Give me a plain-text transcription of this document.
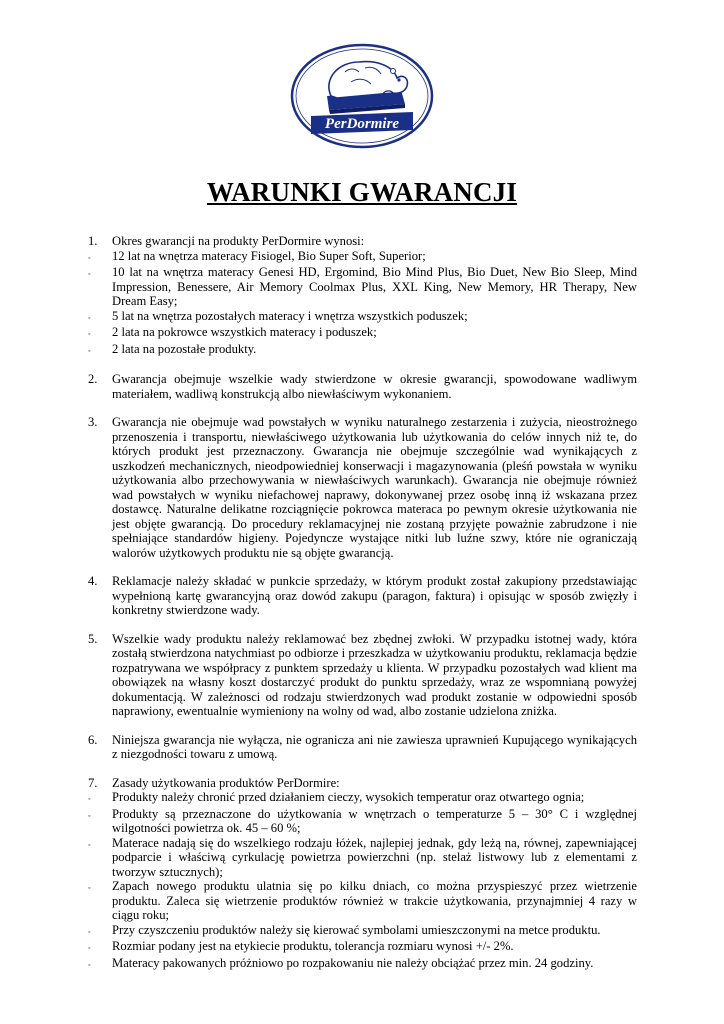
PerDormire
WARUNKI GWARANCJI
1.	Okres gwarancji na produkty PerDormire wynosi:
◦	12 lat na wnętrza materacy Fisiogel, Bio Super Soft, Superior;
◦	10 lat na wnętrza materacy Genesi HD, Ergomind, Bio Mind Plus, Bio Duet, New Bio Sleep, Mind Impression, Benessere, Air Memory Coolmax Plus, XXL King, New Memory, HR Therapy, New Dream Easy;
◦	5 lat na wnętrza pozostałych materacy i wnętrza wszystkich poduszek;
◦	2 lata na pokrowce wszystkich materacy i poduszek;
◦	2 lata na pozostałe produkty.
2.	Gwarancja obejmuje wszelkie wady stwierdzone w okresie gwarancji, spowodowane wadliwym materiałem, wadliwą konstrukcją albo niewłaściwym wykonaniem.
3.	Gwarancja nie obejmuje wad powstałych w wyniku naturalnego zestarzenia i zużycia, nieostrożnego przenoszenia i transportu, niewłaściwego użytkowania lub użytkowania do celów innych niż te, do których produkt jest przeznaczony. Gwarancja nie obejmuje szczególnie wad wynikających z uszkodzeń mechanicznych, nieodpowiedniej konserwacji i magazynowania (pleśń powstała w wyniku użytkowania albo przechowywania w niewłaściwych warunkach). Gwarancja nie obejmuje również wad powstałych w wyniku niefachowej naprawy, dokonywanej przez osobę inną iż wskazana przez dostawcę. Naturalne delikatne rozciągnięcie pokrowca materaca po pewnym okresie użytkowania nie jest objęte gwarancją. Do procedury reklamacyjnej nie zostaną przyjęte poważnie zabrudzone i nie spełniające standardów higieny. Pojedyncze wystające nitki lub luźne szwy, które nie ograniczają walorów użytkowych produktu nie są objęte gwarancją.
4.	Reklamacje należy składać w punkcie sprzedaży, w którym produkt został zakupiony przedstawiając wypełnioną kartę gwarancyjną oraz dowód zakupu (paragon, faktura) i opisując w sposób zwięzły i konkretny stwierdzone wady.
5.	Wszelkie wady produktu należy reklamować bez zbędnej zwłoki. W przypadku istotnej wady, która zostałą stwierdzona natychmiast po odbiorze i przeszkadza w użytkowaniu produktu, reklamacja będzie rozpatrywana we współpracy z punktem sprzedaży u klienta. W przypadku pozostałych wad klient ma obowiązek na własny koszt dostarczyć produkt do punktu sprzedaży, wraz ze wspomnianą powyżej dokumentacją. W zależnosci od rodzaju stwierdzonych wad produkt zostanie w odpowiedni sposób naprawiony, ewentualnie wymieniony na wolny od wad, albo zostanie udzielona zniżka.
6.	Niniejsza gwarancja nie wyłącza, nie ogranicza ani nie zawiesza uprawnień Kupującego wynikających z niezgodności towaru z umową.
7.	Zasady użytkowania produktów PerDormire:
◦	Produkty należy chronić przed działaniem cieczy, wysokich temperatur oraz otwartego ognia;
◦	Produkty są przeznaczone do użytkowania w wnętrzach o temperaturze 5 – 30° C i względnej wilgotności powietrza ok. 45 – 60 %;
◦	Materace nadają się do wszelkiego rodzaju łóżek, najlepiej jednak, gdy leżą na, równej, zapewniającej podparcie i właściwą cyrkulację powietrza powierzchni (np. stelaż listwowy lub z elementami z tworzyw sztucznych);
◦	Zapach nowego produktu ulatnia się po kilku dniach, co można przyspieszyć przez wietrzenie produktu. Zaleca się wietrzenie produktów również w trakcie użytkowania, przynajmniej 4 razy w ciągu roku;
◦	Przy czyszczeniu produktów należy się kierować symbolami umieszczonymi na metce produktu.
◦	Rozmiar podany jest na etykiecie produktu, tolerancja rozmiaru wynosi +/- 2%.
◦	Materacy pakowanych próżniowo po rozpakowaniu nie należy obciążać przez min. 24 godziny.
